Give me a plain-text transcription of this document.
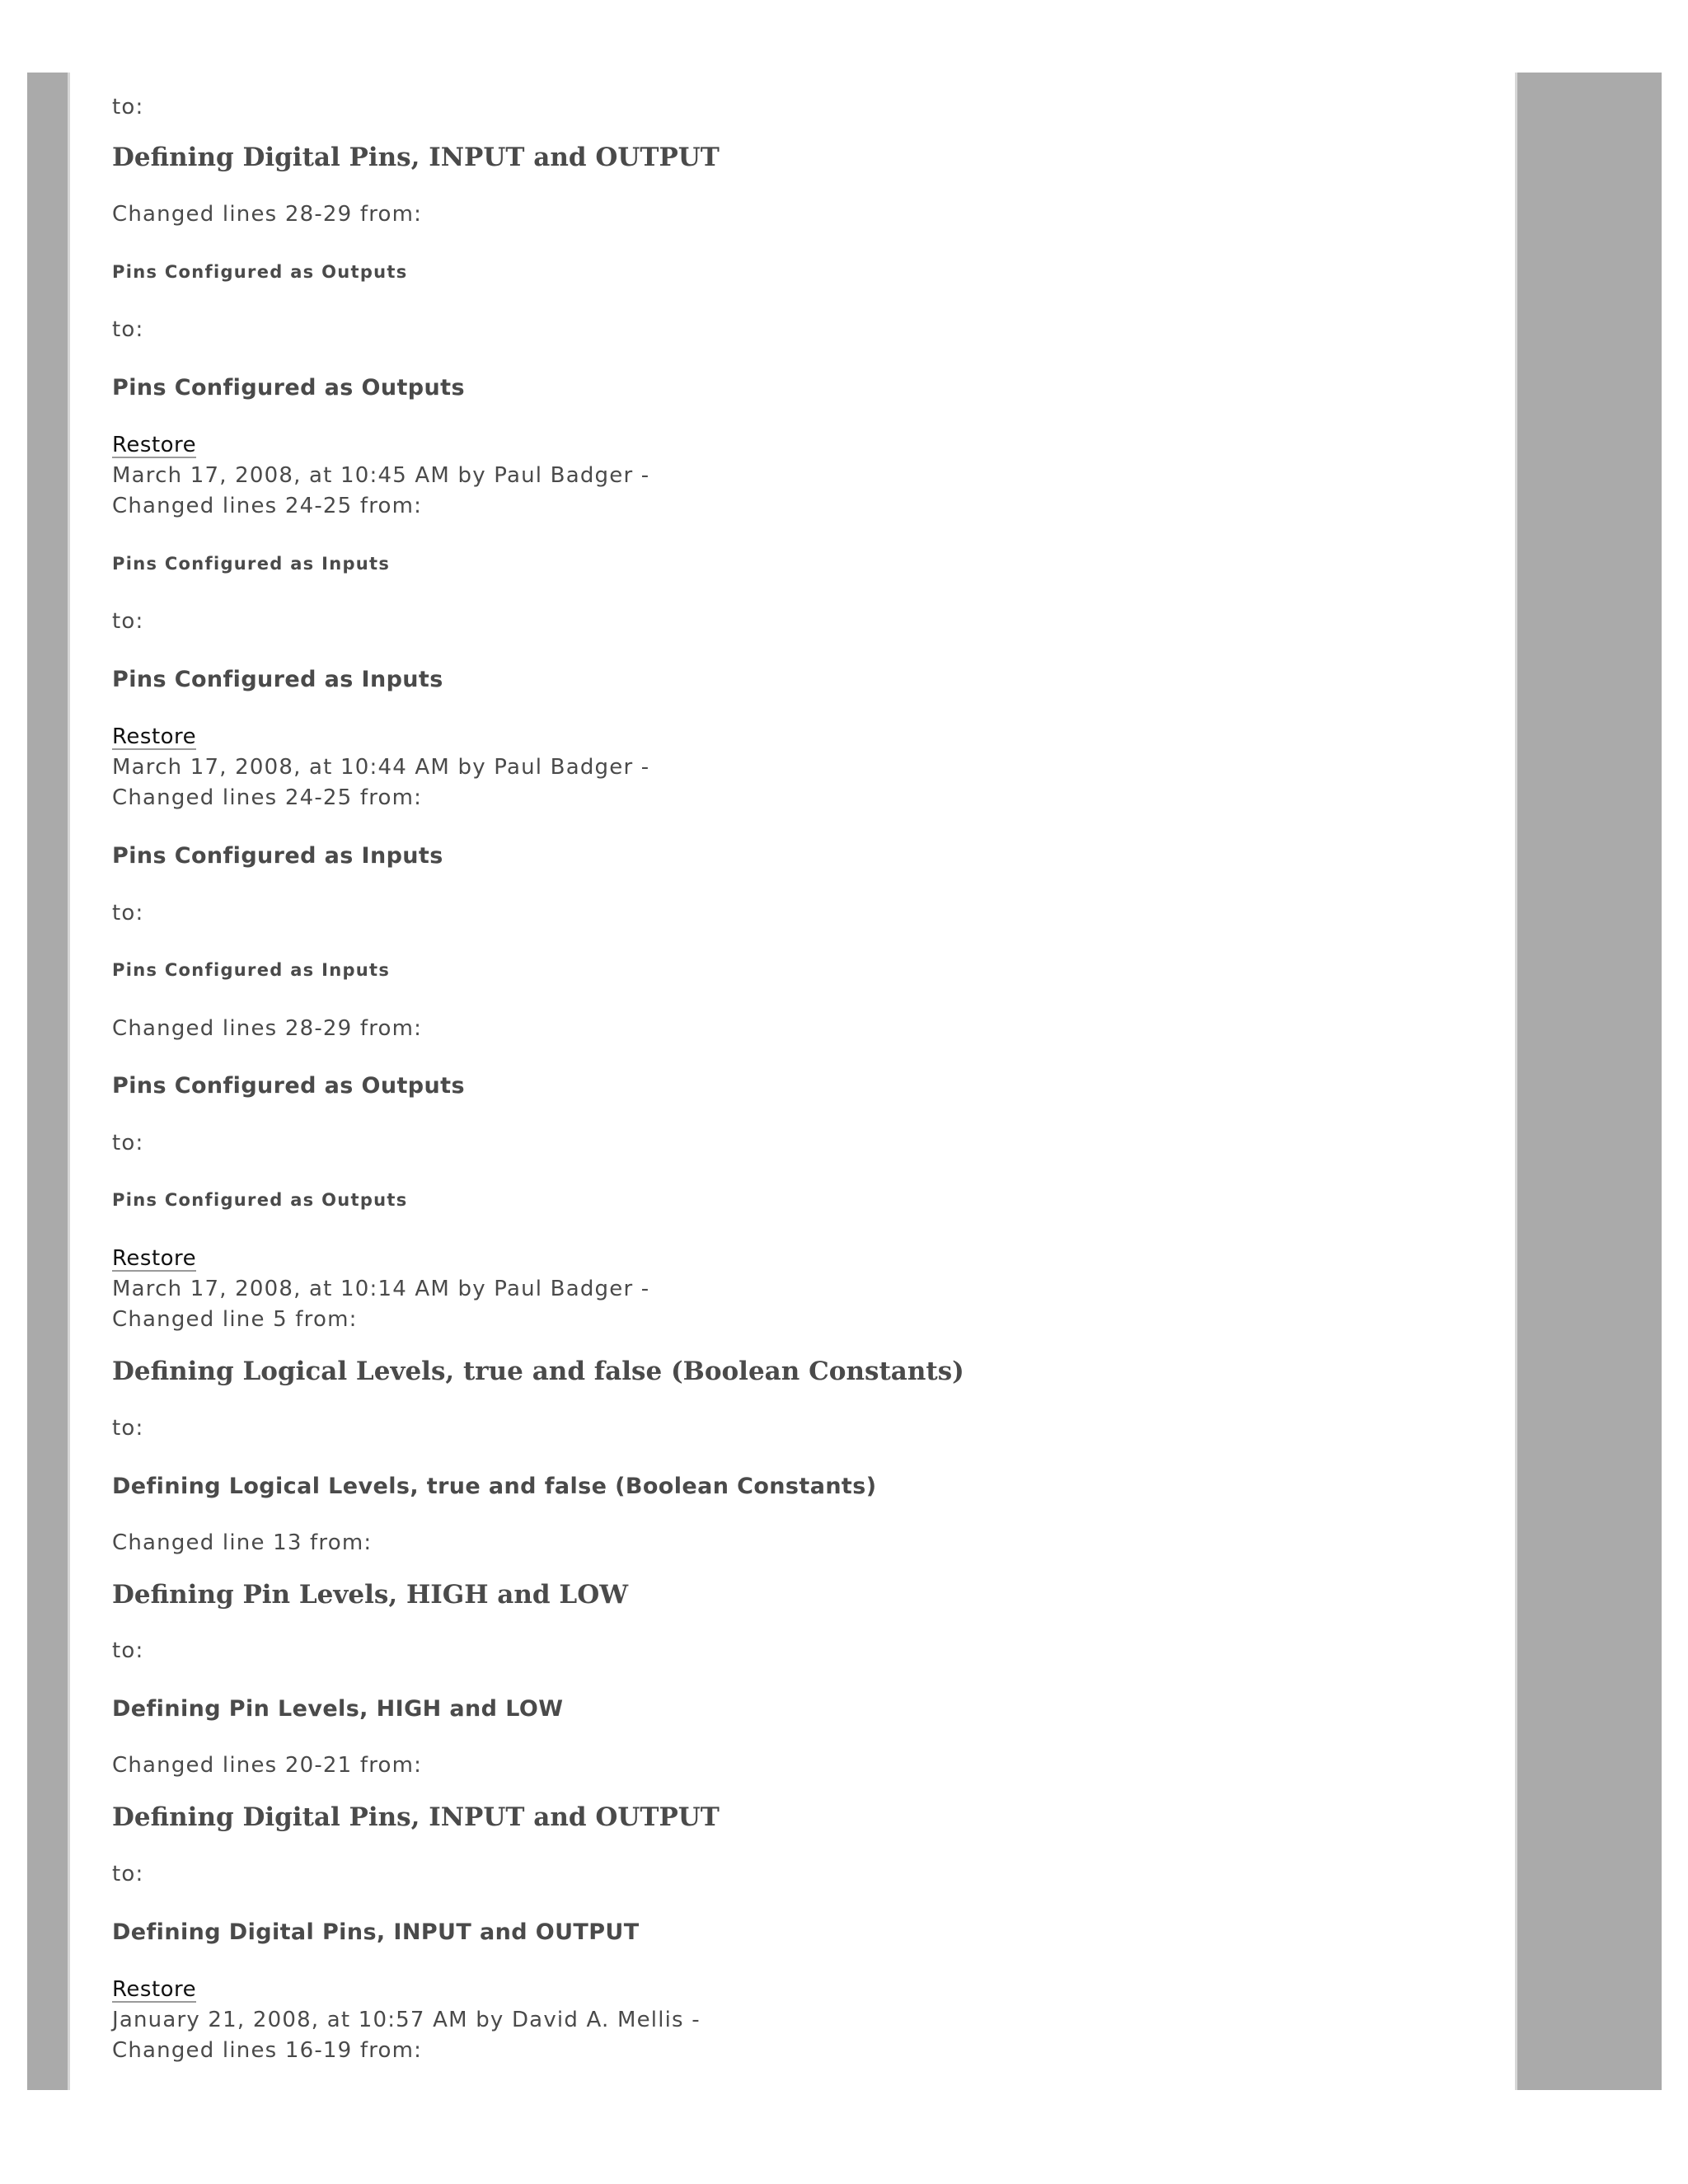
to:
Defining Digital Pins, INPUT and OUTPUT
Changed lines 28-29 from:
Pins Configured as Outputs
to:
Pins Configured as Outputs
Restore
March 17, 2008, at 10:45 AM by Paul Badger -
Changed lines 24-25 from:
Pins Configured as Inputs
to:
Pins Configured as Inputs
Restore
March 17, 2008, at 10:44 AM by Paul Badger -
Changed lines 24-25 from:
Pins Configured as Inputs
to:
Pins Configured as Inputs
Changed lines 28-29 from:
Pins Configured as Outputs
to:
Pins Configured as Outputs
Restore
March 17, 2008, at 10:14 AM by Paul Badger -
Changed line 5 from:
Defining Logical Levels, true and false (Boolean Constants)
to:
Defining Logical Levels, true and false (Boolean Constants)
Changed line 13 from:
Defining Pin Levels, HIGH and LOW
to:
Defining Pin Levels, HIGH and LOW
Changed lines 20-21 from:
Defining Digital Pins, INPUT and OUTPUT
to:
Defining Digital Pins, INPUT and OUTPUT
Restore
January 21, 2008, at 10:57 AM by David A. Mellis -
Changed lines 16-19 from:
